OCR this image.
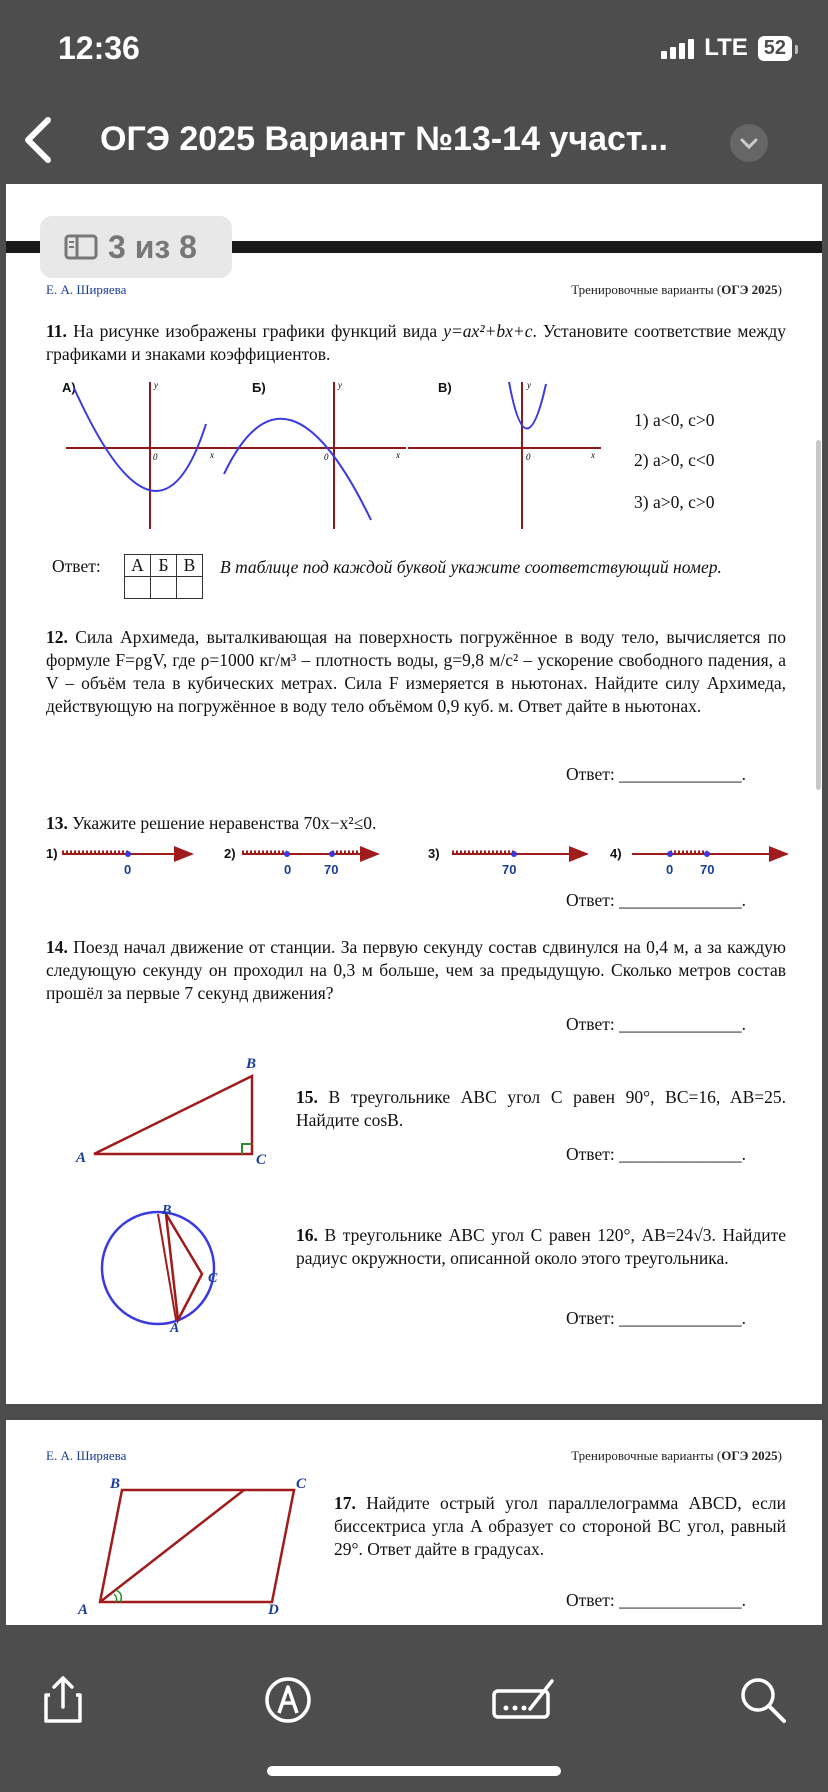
12:36	LTE 52
ОГЭ 2025 Вариант №13-14 участ...
3 из 8
Е. А. Ширяева	Тренировочные варианты (ОГЭ 2025)
11. На рисунке изображены графики функций вида y=ax²+bx+c. Установите соответствие между графиками и знаками коэффициентов.
А)	Б)	В)
0	x
y
0	x
y
0	x
y
1) a<0, c>0
2) a>0, c<0
3) a>0, c>0
Ответ: А	Б	В
		В таблице под каждой буквой укажите соответствующий номер.
12. Сила Архимеда, выталкивающая на поверхность погружённое в воду тело, вычисляется по формуле F=ρgV, где ρ=1000 кг/м³ – плотность воды, g=9,8 м/с² – ускорение свободного падения, а V – объём тела в кубических метрах. Сила F измеряется в ньютонах. Найдите силу Архимеда, действующую на погружённое в воду тело объёмом 0,9 куб. м. Ответ дайте в ньютонах.
Ответ: ______________.
13. Укажите решение неравенства 70x−x²≤0.
1)	2)	3)	4)
0	0	70	70	0 70
Ответ: ______________.
14. Поезд начал движение от станции. За первую секунду состав сдвинулся на 0,4 м, а за каждую следующую секунду он проходил на 0,3 м больше, чем за предыдущую. Сколько метров состав прошёл за первые 7 секунд движения?
Ответ: ______________.
A
B
C
15. В треугольнике ABC угол C равен 90°, BC=16, AB=25. Найдите cosB.
Ответ: ______________.
B
C
A
16. В треугольнике ABC угол C равен 120°, AB=24√3. Найдите радиус окружности, описанной около этого треугольника.
Ответ: ______________.
Е. А. Ширяева	Тренировочные варианты (ОГЭ 2025)
B	C
A	D
17. Найдите острый угол параллелограмма ABCD, если биссектриса угла A образует со стороной BC угол, равный 29°. Ответ дайте в градусах.
Ответ: ______________.
